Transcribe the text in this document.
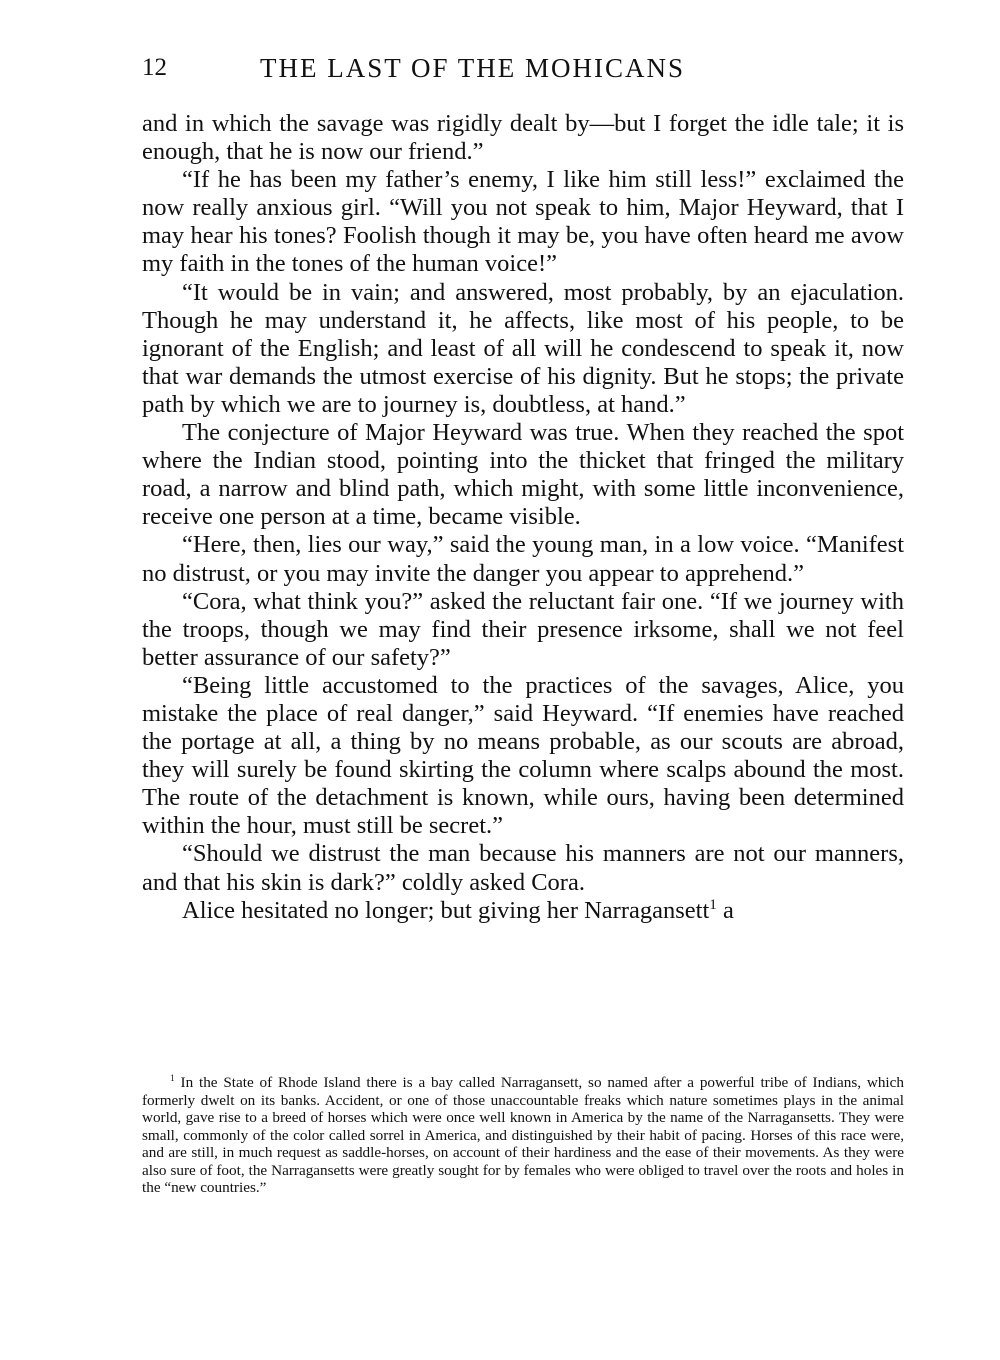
12	THE LAST OF THE MOHICANS

and in which the savage was rigidly dealt by—but I forget the idle tale; it is enough, that he is now our friend.”

“If he has been my father’s enemy, I like him still less!” exclaimed the now really anxious girl. “Will you not speak to him, Major Heyward, that I may hear his tones? Foolish though it may be, you have often heard me avow my faith in the tones of the human voice!”

“It would be in vain; and answered, most probably, by an ejaculation. Though he may understand it, he affects, like most of his people, to be ignorant of the English; and least of all will he condescend to speak it, now that war demands the utmost exercise of his dignity. But he stops; the private path by which we are to journey is, doubtless, at hand.”

The conjecture of Major Heyward was true. When they reached the spot where the Indian stood, pointing into the thicket that fringed the military road, a narrow and blind path, which might, with some little inconvenience, receive one person at a time, became visible.

“Here, then, lies our way,” said the young man, in a low voice. “Manifest no distrust, or you may invite the danger you appear to apprehend.”

“Cora, what think you?” asked the reluctant fair one. “If we journey with the troops, though we may find their presence irksome, shall we not feel better assurance of our safety?”

“Being little accustomed to the practices of the savages, Alice, you mistake the place of real danger,” said Heyward. “If enemies have reached the portage at all, a thing by no means probable, as our scouts are abroad, they will surely be found skirting the column where scalps abound the most. The route of the detachment is known, while ours, having been determined within the hour, must still be secret.”

“Should we distrust the man because his manners are not our manners, and that his skin is dark?” coldly asked Cora.

Alice hesitated no longer; but giving her Narragansett$^1$ a

$^1$ In the State of Rhode Island there is a bay called Narragansett, so named after a powerful tribe of Indians, which formerly dwelt on its banks. Accident, or one of those unaccountable freaks which nature sometimes plays in the animal world, gave rise to a breed of horses which were once well known in America by the name of the Narragansetts. They were small, commonly of the color called sorrel in America, and distinguished by their habit of pacing. Horses of this race were, and are still, in much request as saddle-horses, on account of their hardiness and the ease of their movements. As they were also sure of foot, the Narragansetts were greatly sought for by females who were obliged to travel over the roots and holes in the “new countries.”
